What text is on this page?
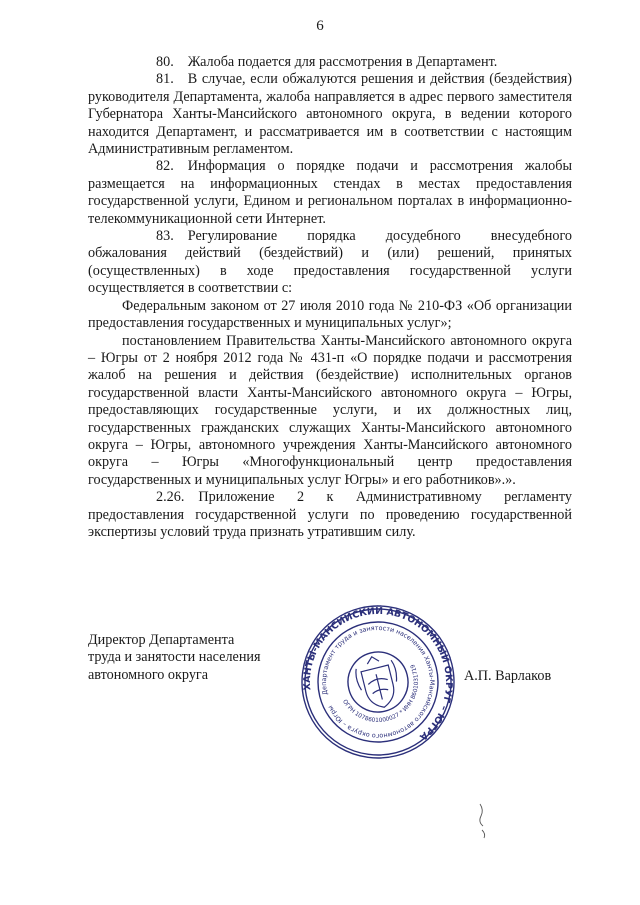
6

80. Жалоба подается для рассмотрения в Департамент.

81. В случае, если обжалуются решения и действия (бездействия) руководителя Департамента, жалоба направляется в адрес первого заместителя Губернатора Ханты-Мансийского автономного округа, в ведении которого находится Департамент, и рассматривается им в соответствии с настоящим Административным регламентом.

82. Информация о порядке подачи и рассмотрения жалобы размещается на информационных стендах в местах предоставления государственной услуги, Едином и региональном порталах в информационно-телекоммуникационной сети Интернет.

83. Регулирование порядка досудебного внесудебного обжалования действий (бездействий) и (или) решений, принятых (осуществленных) в ходе предоставления государственной услуги осуществляется в соответствии с:

Федеральным законом от 27 июля 2010 года № 210-ФЗ «Об организации предоставления государственных и муниципальных услуг»;

постановлением Правительства Ханты-Мансийского автономного округа – Югры от 2 ноября 2012 года № 431-п «О порядке подачи и рассмотрения жалоб на решения и действия (бездействие) исполнительных органов государственной власти Ханты-Мансийского автономного округа – Югры, предоставляющих государственные услуги, и их должностных лиц, государственных гражданских служащих Ханты-Мансийского автономного округа – Югры, автономного учреждения Ханты-Мансийского автономного округа – Югры «Многофункциональный центр предоставления государственных и муниципальных услуг Югры» и его работников».».

2.26. Приложение 2 к Административному регламенту предоставления государственной услуги по проведению государственной экспертизы условий труда признать утратившим силу.

Директор Департамента
труда и занятости населения
автономного округа
ХАНТЫ-МАНСИЙСКИЙ АВТОНОМНЫЙ ОКРУГ – ЮГРА
Департамент труда и занятости населения Ханты-Мансийского автономного округа – Югры
ОГРН 1078601000027 * ИНН 8601031719
А.П. Варлаков
